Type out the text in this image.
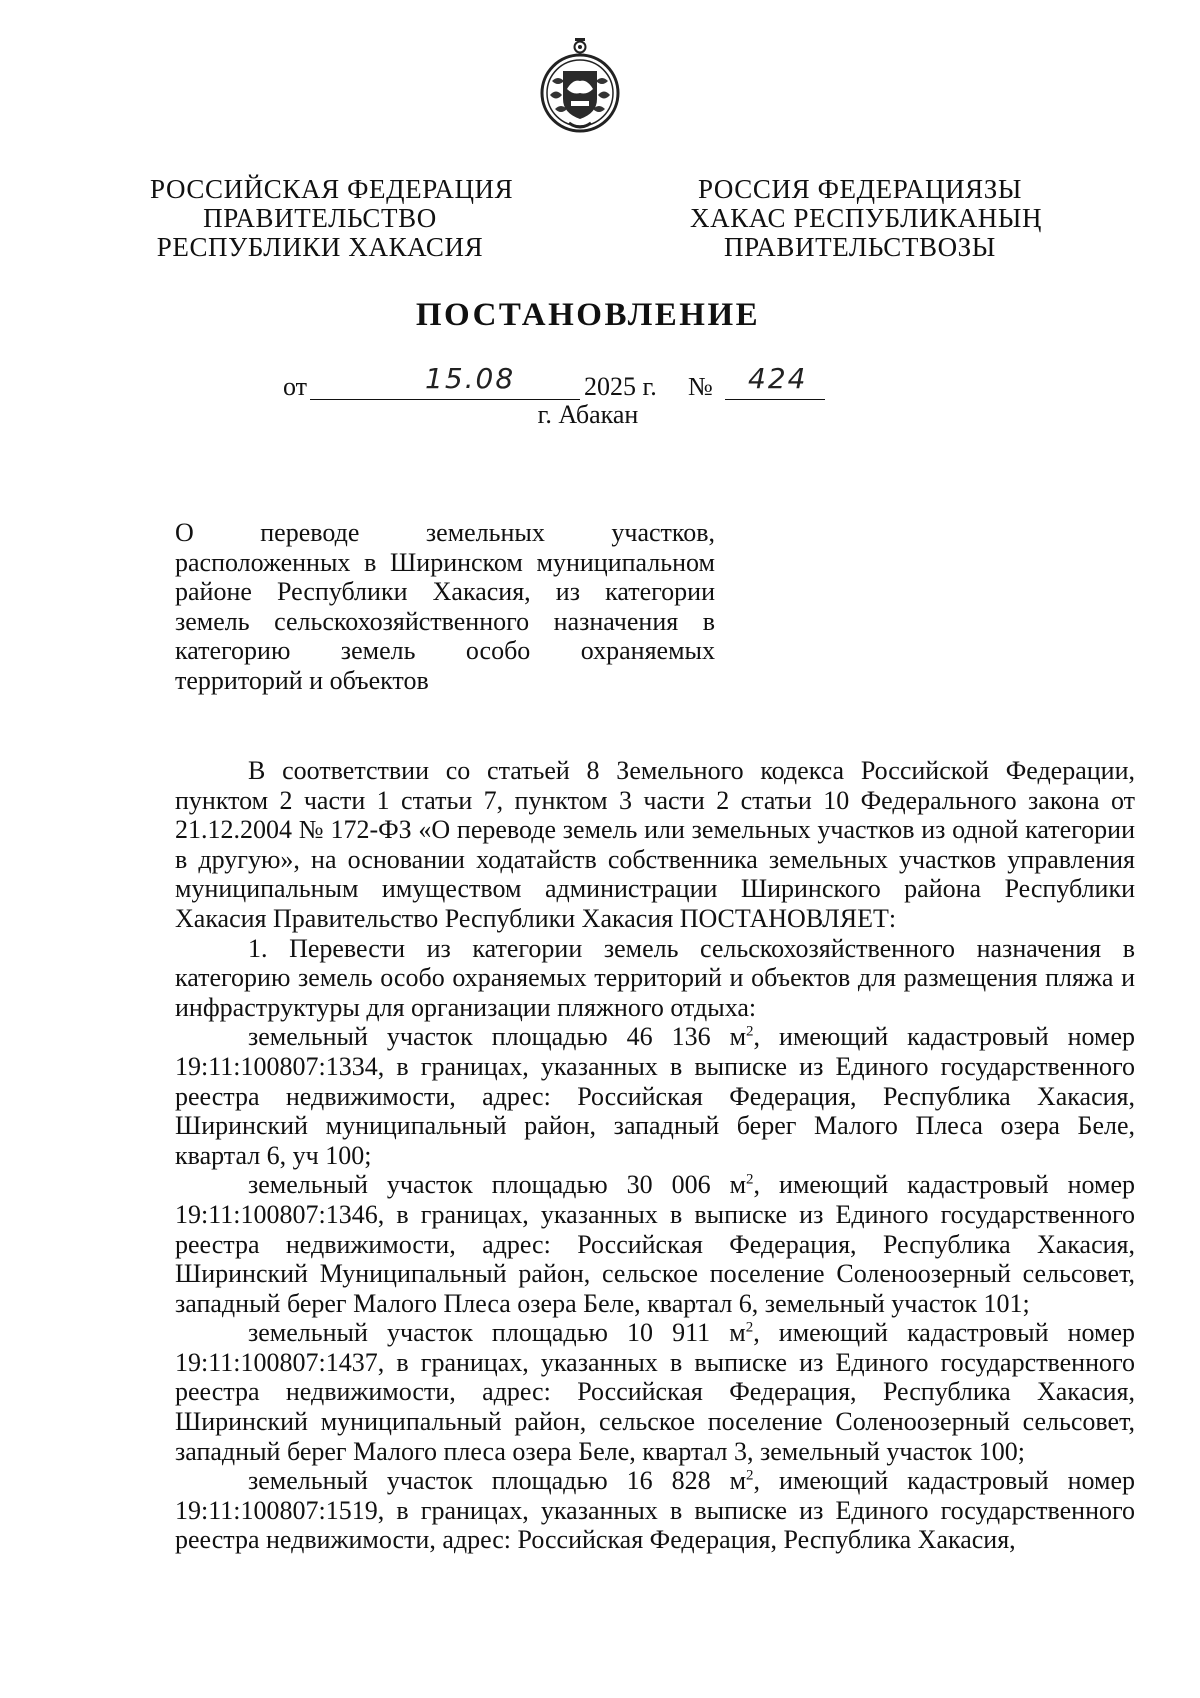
РОССИЙСКАЯ ФЕДЕРАЦИЯ
ПРАВИТЕЛЬСТВО
РЕСПУБЛИКИ ХАКАСИЯ
РОССИЯ ФЕДЕРАЦИЯЗЫ
ХАКАС РЕСПУБЛИКАНЫҢ
ПРАВИТЕЛЬСТВОЗЫ
ПОСТАНОВЛЕНИЕ
от	15.08	2025 г. № 424
г. Абакан
О переводе земельных участков, расположенных в Ширинском муниципальном районе Республики Хакасия, из категории земель сельскохозяйственного назначения в категорию земель особо охраняемых территорий и объектов

В соответствии со статьей 8 Земельного кодекса Российской Федерации, пунктом 2 части 1 статьи 7, пунктом 3 части 2 статьи 10 Федерального закона от 21.12.2004 № 172-ФЗ «О переводе земель или земельных участков из одной категории в другую», на основании ходатайств собственника земельных участков управления муниципальным имуществом администрации Ширинского района Республики Хакасия Правительство Республики Хакасия ПОСТАНОВЛЯЕТ:

1. Перевести из категории земель сельскохозяйственного назначения в категорию земель особо охраняемых территорий и объектов для размещения пляжа и инфраструктуры для организации пляжного отдыха:

земельный участок площадью 46 136 $м^2$, имеющий кадастровый номер 19:11:100807:1334, в границах, указанных в выписке из Единого государственного реестра недвижимости, адрес: Российская Федерация, Республика Хакасия, Ширинский муниципальный район, западный берег Малого Плеса озера Беле, квартал 6, уч 100;

земельный участок площадью 30 006 $м^2$, имеющий кадастровый номер 19:11:100807:1346, в границах, указанных в выписке из Единого государственного реестра недвижимости, адрес: Российская Федерация, Республика Хакасия, Ширинский Муниципальный район, сельское поселение Соленоозерный сельсовет, западный берег Малого Плеса озера Беле, квартал 6, земельный участок 101;

земельный участок площадью 10 911 $м^2$, имеющий кадастровый номер 19:11:100807:1437, в границах, указанных в выписке из Единого государственного реестра недвижимости, адрес: Российская Федерация, Республика Хакасия, Ширинский муниципальный район, сельское поселение Соленоозерный сельсовет, западный берег Малого плеса озера Беле, квартал 3, земельный участок 100;

земельный участок площадью 16 828 $м^2$, имеющий кадастровый номер 19:11:100807:1519, в границах, указанных в выписке из Единого государственного реестра недвижимости, адрес: Российская Федерация, Республика Хакасия,
